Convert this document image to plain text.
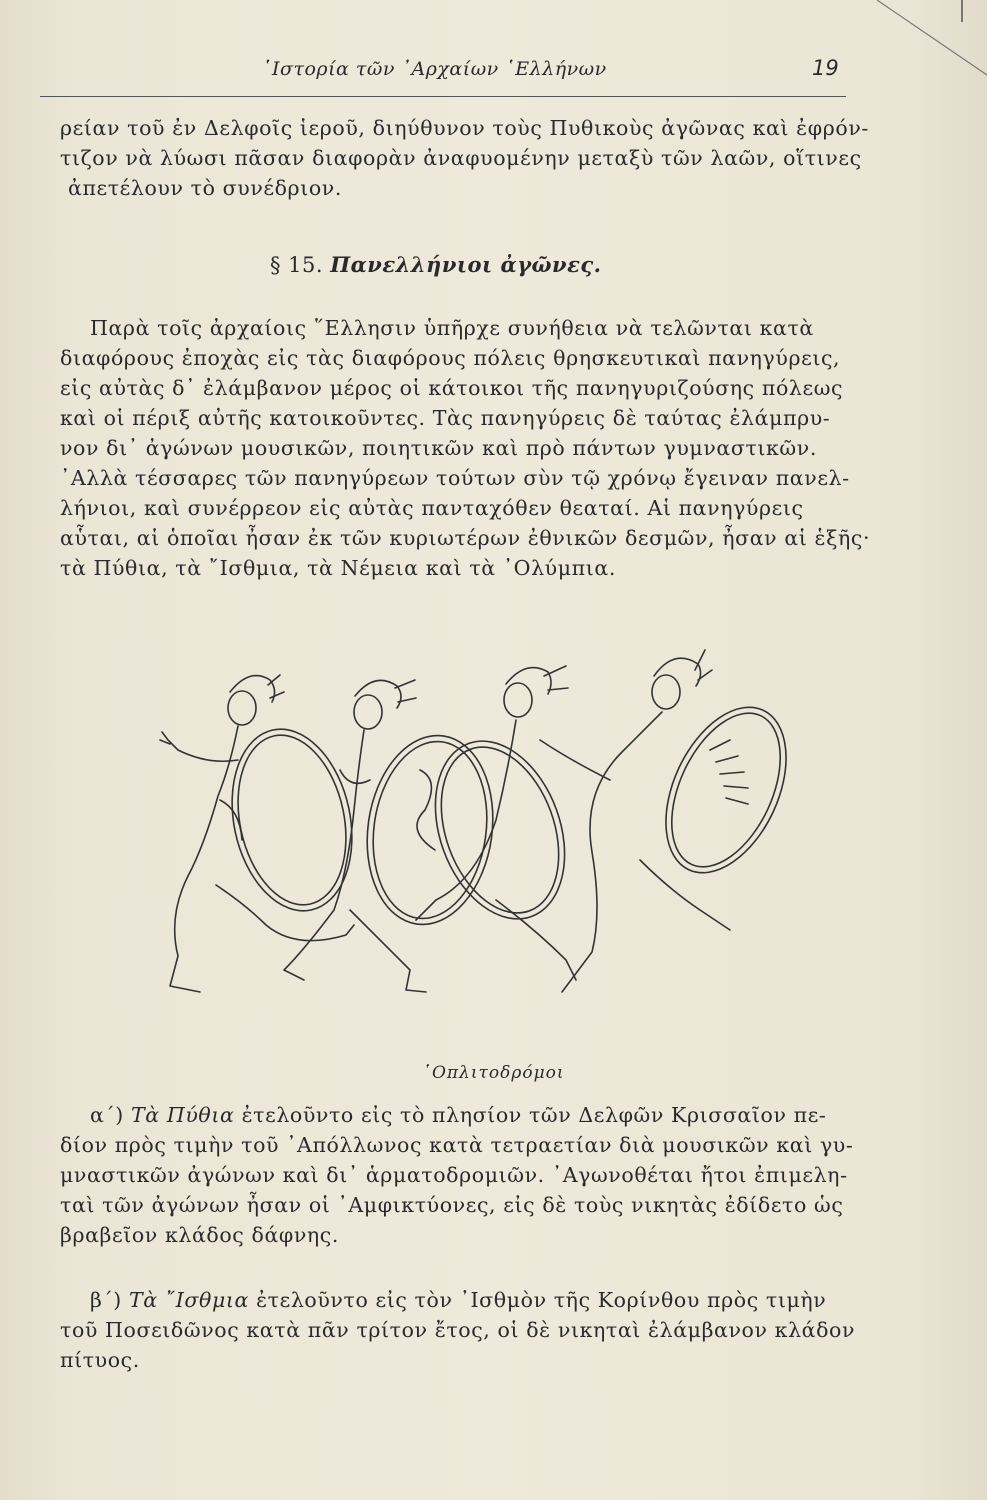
῾Ιστορία τῶν ᾿Αρχαίων ῾Ελλήνων	19
ρείαν τοῦ ἐν Δελφοῖς ἱεροῦ, διηύθυνον τοὺς Πυθικοὺς ἀγῶνας καὶ ἐφρόν-
τιζον νὰ λύωσι πᾶσαν διαφορὰν ἀναφυομένην μεταξὺ τῶν λαῶν, οἵτινες
ἀπετέλουν τὸ συνέδριον.
§ 15. Πανελλήνιοι ἀγῶνες.
Παρὰ τοῖς ἀρχαίοις ῞Ελλησιν ὑπῆρχε συνήθεια νὰ τελῶνται κατὰ
διαφόρους ἐποχὰς εἰς τὰς διαφόρους πόλεις θρησκευτικαὶ πανηγύρεις,
εἰς αὐτὰς δ᾿ ἐλάμβανον μέρος οἱ κάτοικοι τῆς πανηγυριζούσης πόλεως
καὶ οἱ πέριξ αὐτῆς κατοικοῦντες. Τὰς πανηγύρεις δὲ ταύτας ἐλάμπρυ-
νον δι᾿ ἀγώνων μουσικῶν, ποιητικῶν καὶ πρὸ πάντων γυμναστικῶν.
᾿Αλλὰ τέσσαρες τῶν πανηγύρεων τούτων σὺν τῷ χρόνῳ ἔγειναν πανελ-
λήνιοι, καὶ συνέρρεον εἰς αὐτὰς πανταχόθεν θεαταί. Αἱ πανηγύρεις
αὗται, αἱ ὁποῖαι ἦσαν ἐκ τῶν κυριωτέρων ἐθνικῶν δεσμῶν, ἦσαν αἱ ἑξῆς·
τὰ Πύθια, τὰ ῎Ισθμια, τὰ Νέμεια καὶ τὰ ᾿Ολύμπια.
῾Οπλιτοδρόμοι
α΄) Τὰ Πύθια ἐτελοῦντο εἰς τὸ πλησίον τῶν Δελφῶν Κρισσαῖον πε-
δίον πρὸς τιμὴν τοῦ ᾿Απόλλωνος κατὰ τετραετίαν διὰ μουσικῶν καὶ γυ-
μναστικῶν ἀγώνων καὶ δι᾿ ἁρματοδρομιῶν. ᾿Αγωνοθέται ἤτοι ἐπιμελη-
ταὶ τῶν ἀγώνων ἦσαν οἱ ᾿Αμφικτύονες, εἰς δὲ τοὺς νικητὰς ἐδίδετο ὡς
βραβεῖον κλάδος δάφνης.
β΄) Τὰ ῎Ισθμια ἐτελοῦντο εἰς τὸν ᾿Ισθμὸν τῆς Κορίνθου πρὸς τιμὴν
τοῦ Ποσειδῶνος κατὰ πᾶν τρίτον ἔτος, οἱ δὲ νικηταὶ ἐλάμβανον κλάδον
πίτυος.
